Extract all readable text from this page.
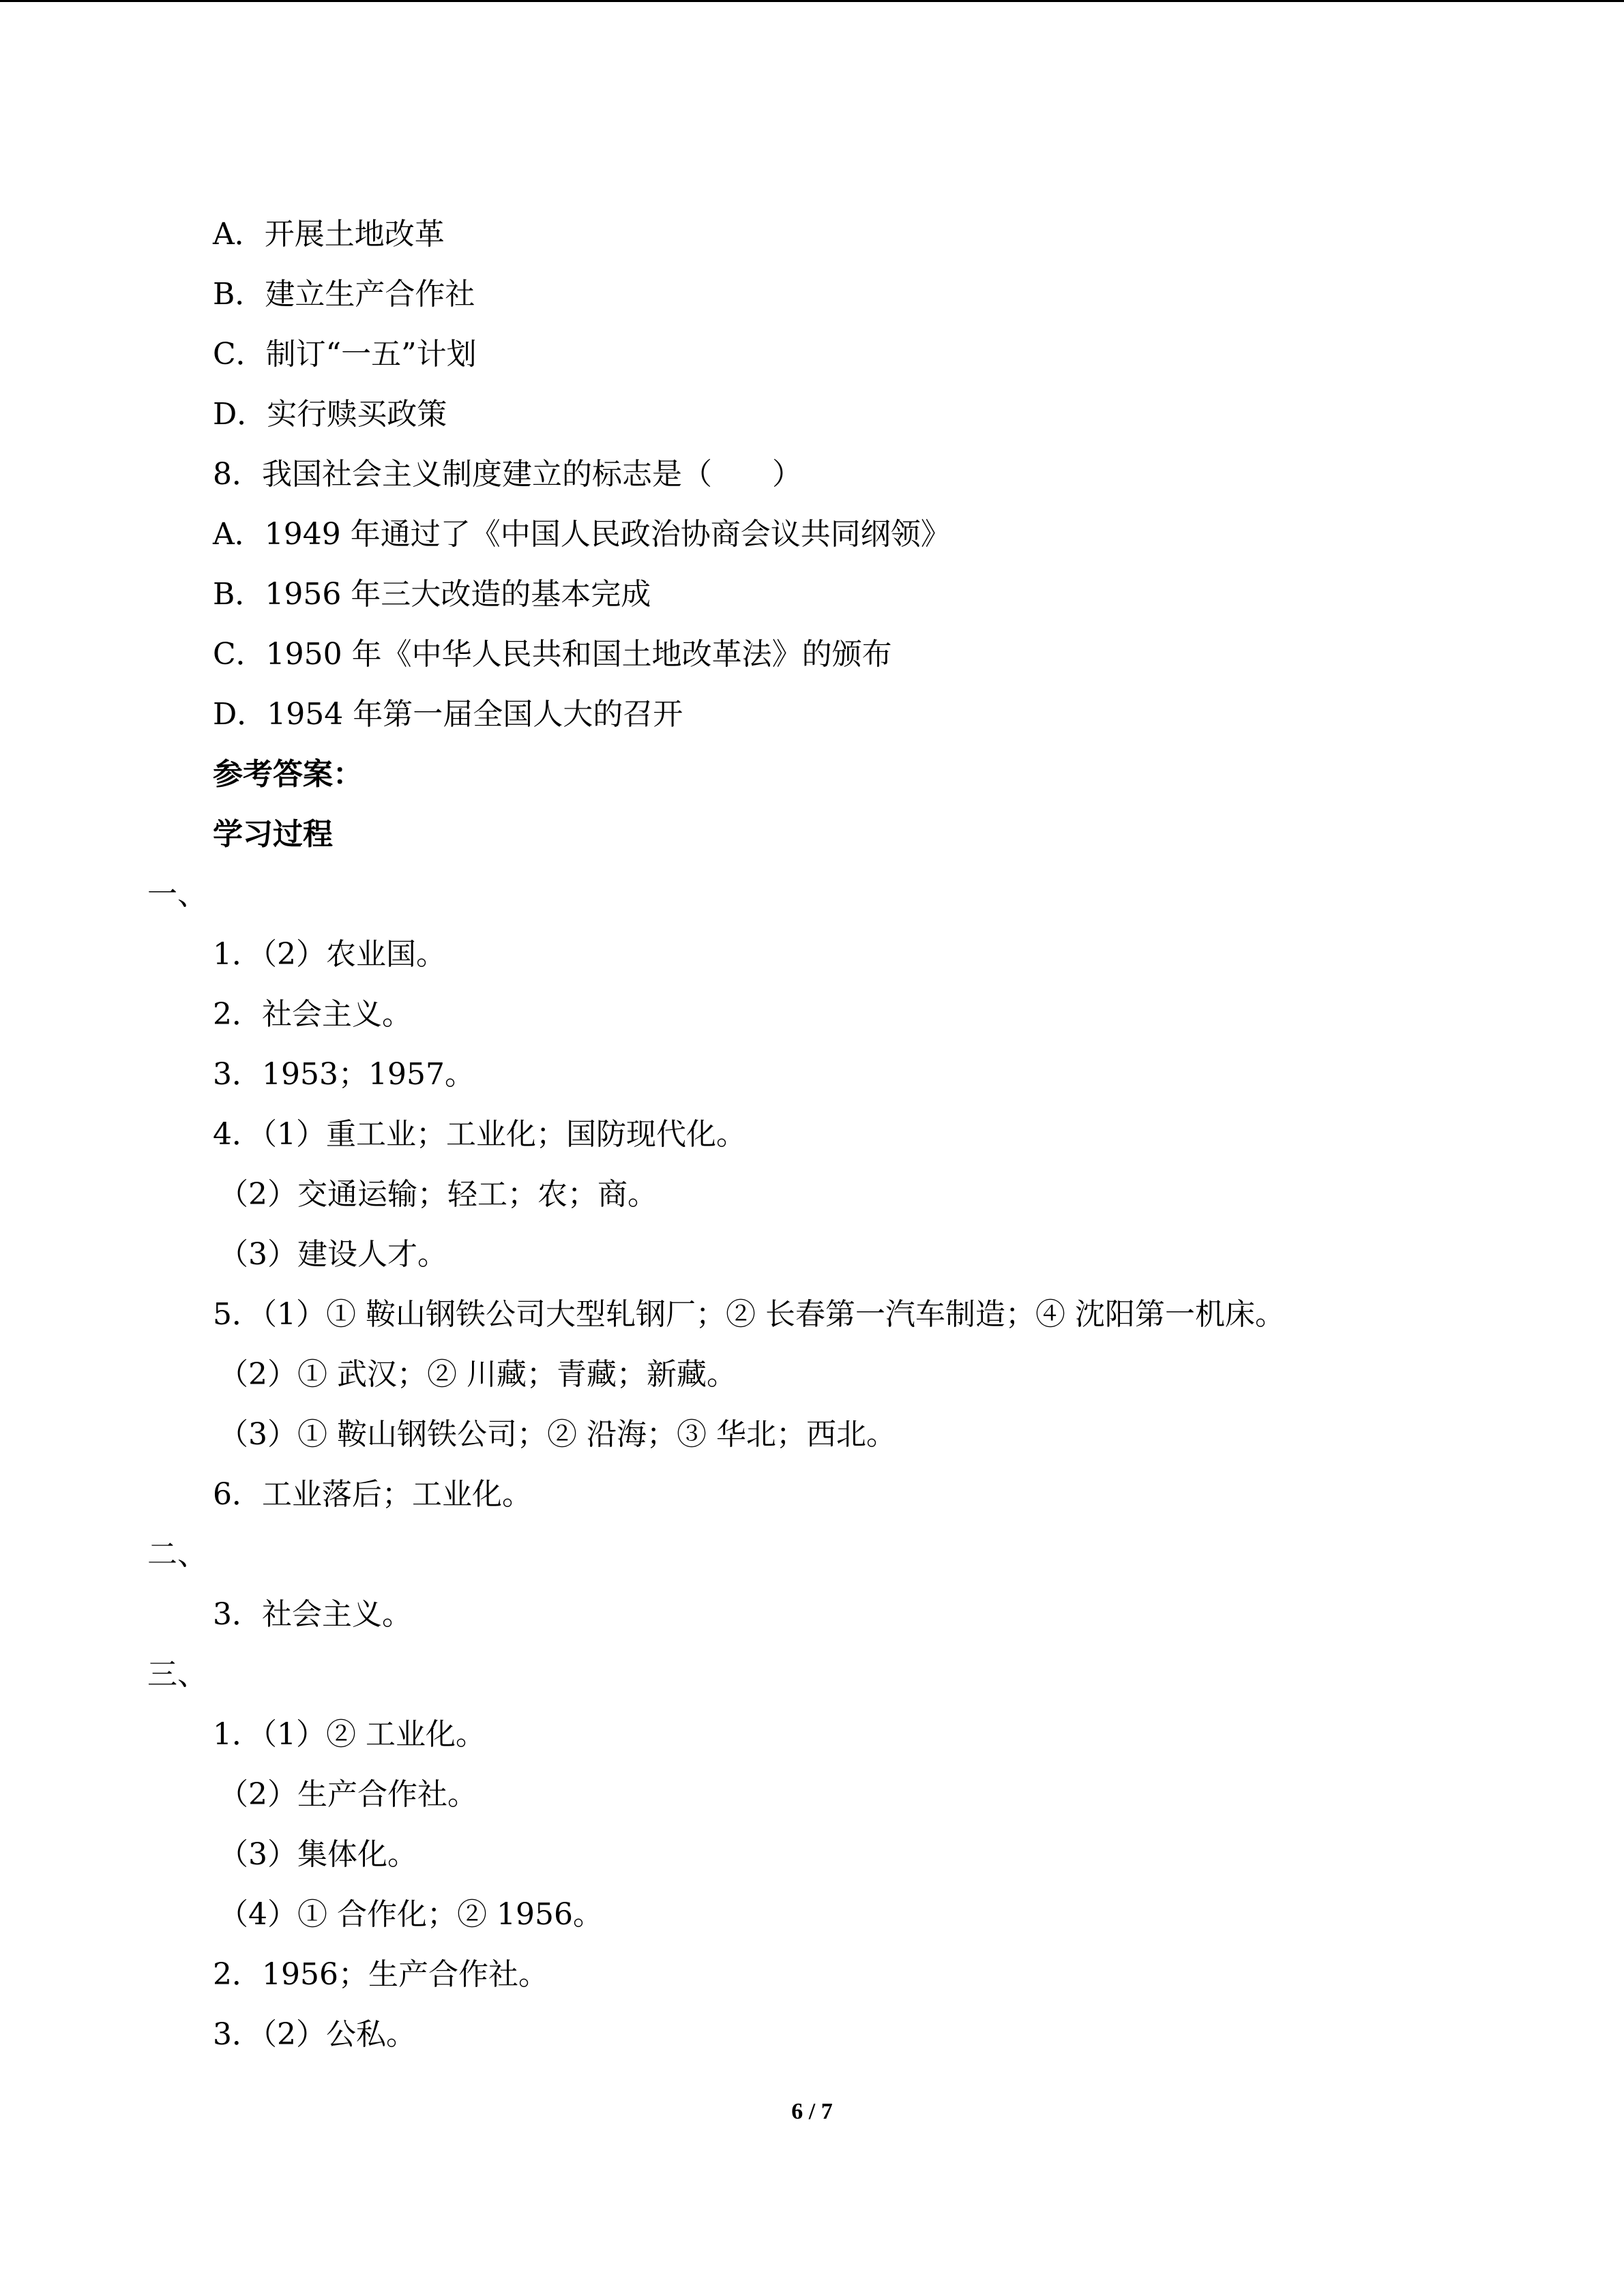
A．开展土地改革
B．建立生产合作社
C．制订“一五”计划
D．实行赎买政策
8．我国社会主义制度建立的标志是（　　）
A．1949 年通过了《中国人民政治协商会议共同纲领》
B．1956 年三大改造的基本完成
C．1950 年《中华人民共和国土地改革法》的颁布
D．1954 年第一届全国人大的召开
参考答案：
学习过程
一、
1．（2）农业国。
2．社会主义。
3．1953；1957。
4．（1）重工业；工业化；国防现代化。
（2）交通运输；轻工；农；商。
（3）建设人才。
5．（1）① 鞍山钢铁公司大型轧钢厂；② 长春第一汽车制造；④ 沈阳第一机床。
（2）① 武汉；② 川藏；青藏；新藏。
（3）① 鞍山钢铁公司；② 沿海；③ 华北；西北。
6．工业落后；工业化。
二、
3．社会主义。
三、
1．（1）② 工业化。
（2）生产合作社。
（3）集体化。
（4）① 合作化；② 1956。
2．1956；生产合作社。
3．（2）公私。
6 / 7
